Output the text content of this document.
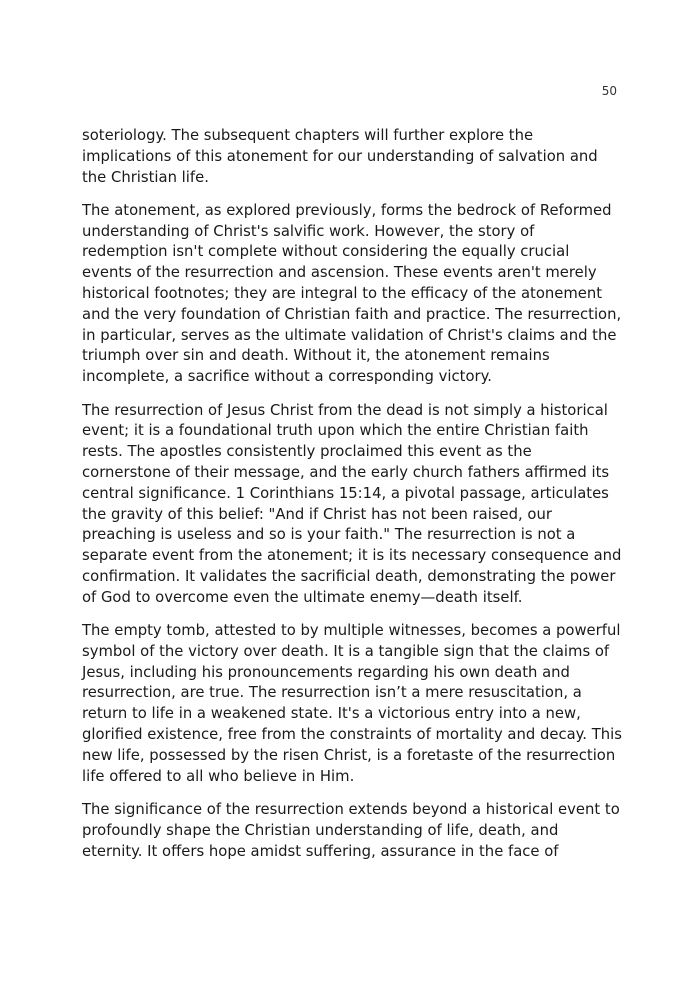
50

soteriology. The subsequent chapters will further explore the implications of this atonement for our understanding of salvation and the Christian life.

The atonement, as explored previously, forms the bedrock of Reformed understanding of Christ's salvific work. However, the story of redemption isn't complete without considering the equally crucial events of the resurrection and ascension. These events aren't merely historical footnotes; they are integral to the efficacy of the atonement and the very foundation of Christian faith and practice. The resurrection, in particular, serves as the ultimate validation of Christ's claims and the triumph over sin and death. Without it, the atonement remains incomplete, a sacrifice without a corresponding victory.

The resurrection of Jesus Christ from the dead is not simply a historical event; it is a foundational truth upon which the entire Christian faith rests. The apostles consistently proclaimed this event as the cornerstone of their message, and the early church fathers affirmed its central significance. 1 Corinthians 15:14, a pivotal passage, articulates the gravity of this belief: "And if Christ has not been raised, our preaching is useless and so is your faith." The resurrection is not a separate event from the atonement; it is its necessary consequence and confirmation. It validates the sacrificial death, demonstrating the power of God to overcome even the ultimate enemy—death itself.

The empty tomb, attested to by multiple witnesses, becomes a powerful symbol of the victory over death. It is a tangible sign that the claims of Jesus, including his pronouncements regarding his own death and resurrection, are true. The resurrection isn’t a mere resuscitation, a return to life in a weakened state. It's a victorious entry into a new, glorified existence, free from the constraints of mortality and decay. This new life, possessed by the risen Christ, is a foretaste of the resurrection life offered to all who believe in Him.

The significance of the resurrection extends beyond a historical event to profoundly shape the Christian understanding of life, death, and eternity. It offers hope amidst suffering, assurance in the face of
